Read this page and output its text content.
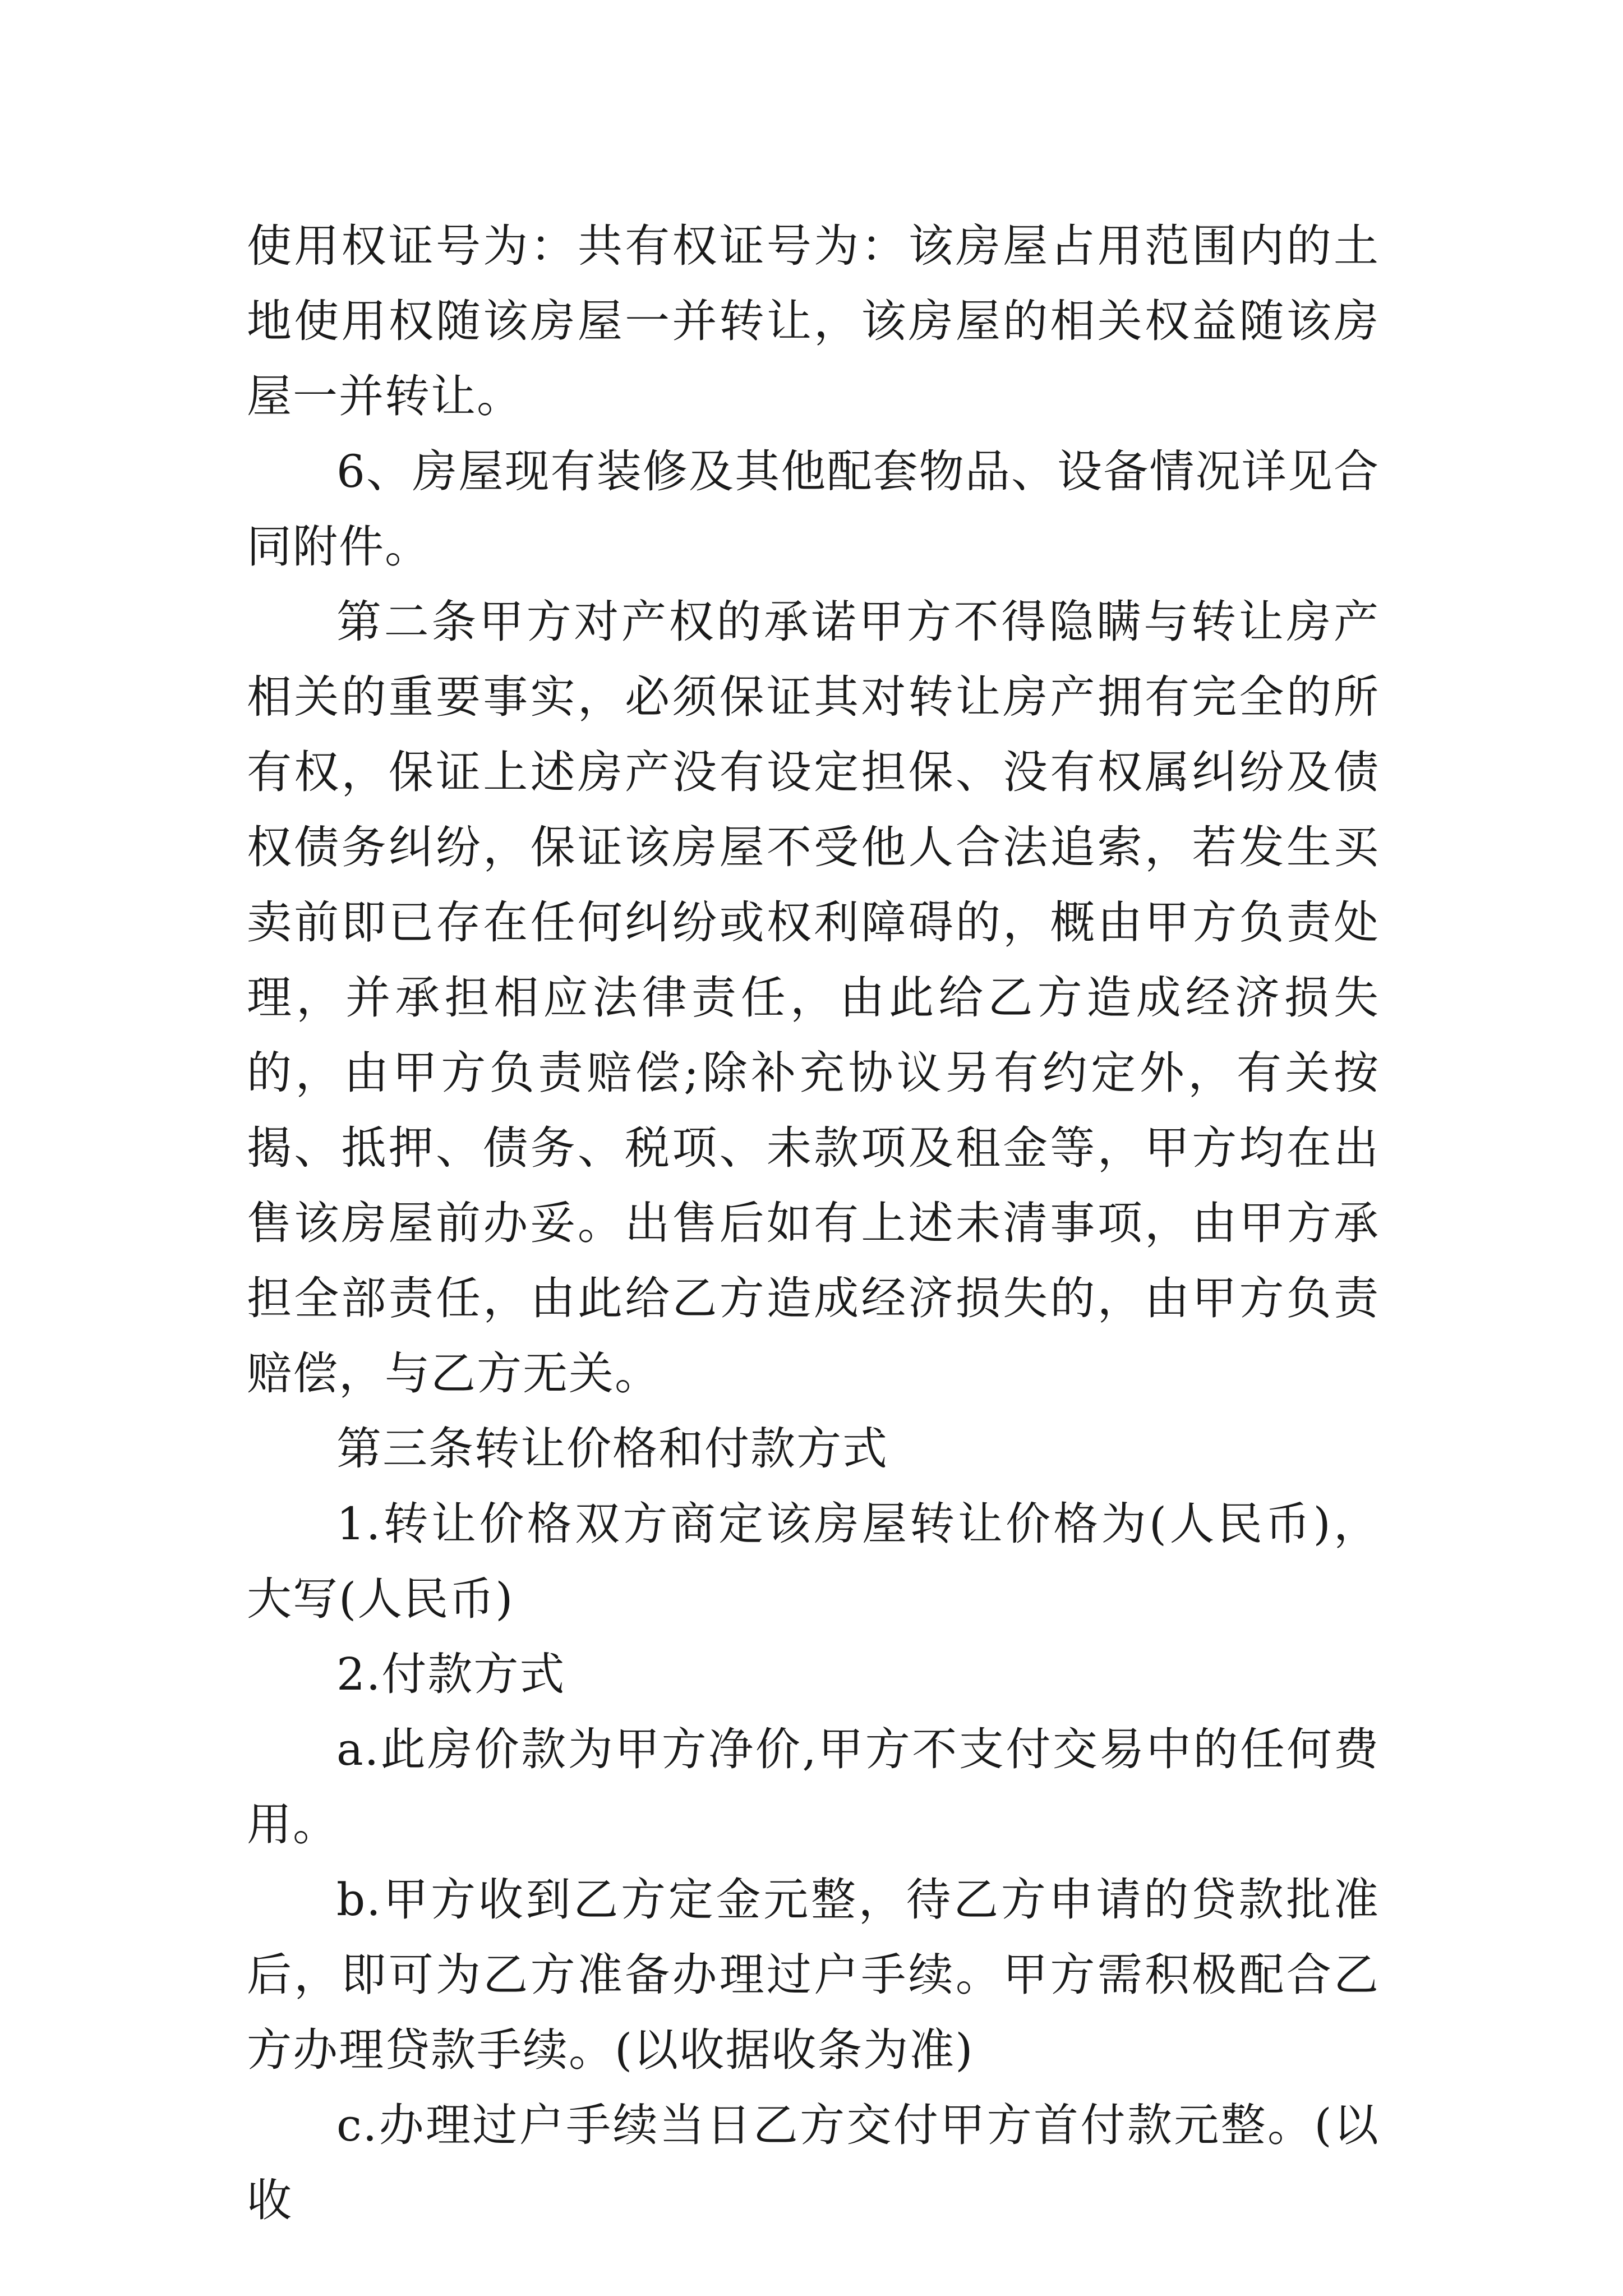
使用权证号为：共有权证号为：该房屋占用范围内的土地使用权随该房屋一并转让，该房屋的相关权益随该房屋一并转让。

6、房屋现有装修及其他配套物品、设备情况详见合同附件。

第二条甲方对产权的承诺甲方不得隐瞒与转让房产相关的重要事实，必须保证其对转让房产拥有完全的所有权，保证上述房产没有设定担保、没有权属纠纷及债权债务纠纷，保证该房屋不受他人合法追索，若发生买卖前即已存在任何纠纷或权利障碍的，概由甲方负责处理，并承担相应法律责任，由此给乙方造成经济损失的，由甲方负责赔偿;除补充协议另有约定外，有关按揭、抵押、债务、税项、未款项及租金等，甲方均在出售该房屋前办妥。出售后如有上述未清事项，由甲方承担全部责任，由此给乙方造成经济损失的，由甲方负责赔偿，与乙方无关。

第三条转让价格和付款方式

1.转让价格双方商定该房屋转让价格为(人民币)，大写(人民币)

2.付款方式

a.此房价款为甲方净价,甲方不支付交易中的任何费用。

b.甲方收到乙方定金元整，待乙方申请的贷款批准后，即可为乙方准备办理过户手续。甲方需积极配合乙方办理贷款手续。(以收据收条为准)

c.办理过户手续当日乙方交付甲方首付款元整。(以收
